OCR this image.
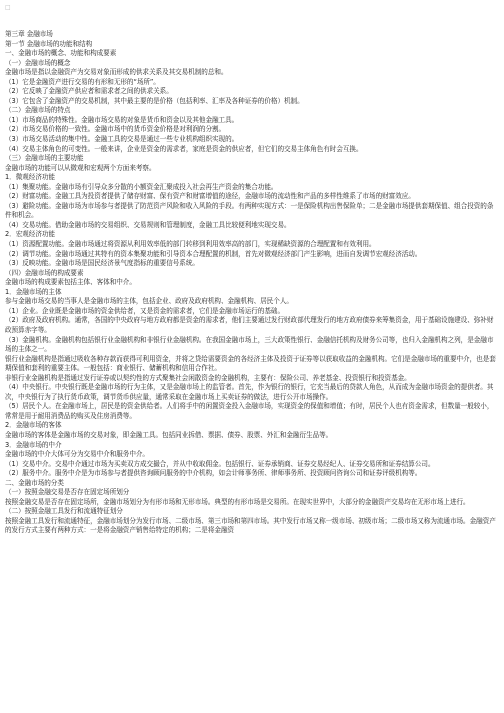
□

第三章 金融市场

第一节 金融市场的功能和结构

一、金融市场的概念、功能和构成要素

（一）金融市场的概念

金融市场是指以金融资产为交易对象而形成的供求关系及其交易机制的总和。

（1）它是金融资产进行交易的有形和无形的“场所”。

（2）它反映了金融资产供应者和需求者之间的供求关系。

（3）它包含了金融资产的交易机制，其中最主要的是价格（包括利率、汇率及各种证券的价格）机制。

（二）金融市场的特点

（1）市场商品的特殊性。金融市场交易的对象是货币和资金以及其他金融工具。

（2）市场交易价格的一致性。金融市场中的货币资金价格是对利润的分割。

（3）市场交易活动的集中性。金融工具的交易是通过一些专业机构组织实现的。

（4）交易主体角色的可变性。一般来讲，企业是资金的需求者，家庭是资金的供应者，但它们的交易主体角色有时会互换。

（三）金融市场的主要功能

金融市场的功能可以从微观和宏观两个方面来考察。

1．微观经济功能

（1）集聚功能。金融市场有引导众多分散的小额资金汇聚成投入社会再生产资金的集合功能。

（2）财富功能。金融工具为投资者提供了储存财富、保有资产和财富增值的途径，金融市场的流动性和产品的多样性维系了市场的财富效应。

（3）避险功能。金融市场为市场参与者提供了防范资产风险和收入风险的手段。有两种实现方式：一是保险机构出售保险单；二是金融市场提供套期保值、组合投资的条件和机会。

（4）交易功能。借助金融市场的交易组织、交易规则和管理制度，金融工具比较便利地实现交易。

2．宏观经济功能

（1）资源配置功能。金融市场通过将资源从利用效率低的部门转移到利用效率高的部门，实现稀缺资源的合理配置和有效利用。

（2）调节功能。金融市场通过其特有的资本集聚功能和引导资本合理配置的机制，首先对微观经济部门产生影响，进而自发调节宏观经济活动。

（3）反映功能。金融市场是国民经济景气度指标的重要信号系统。

（四）金融市场的构成要素

金融市场的构成要素包括主体、客体和中介。

1．金融市场的主体

参与金融市场交易的当事人是金融市场的主体，包括企业、政府及政府机构、金融机构、居民个人。

（1）企业。企业既是金融市场的资金供给者，又是资金的需求者，它们是金融市场运行的基础。

（2）政府及政府机构。通常，各国的中央政府与地方政府都是资金的需求者，他们主要通过发行财政部代理发行的地方政府债券来筹集资金，用于基础设施建设、弥补财政预算赤字等。

（3）金融机构。金融机构包括银行业金融机构和非银行业金融机构。在我国金融市场上，三大政策性银行、金融信托机构及财务公司等，也归入金融机构之列，是金融市场的主体之一。

银行业金融机构是指通过吸收各种存款而获得可利用资金，并将之贷给需要资金的各经济主体及投资于证券等以获取收益的金融机构。它们是金融市场的重要中介，也是套期保值和套利的重要主体。一般包括：商业银行、储蓄机构和信用合作社。

非银行业金融机构是指通过发行证券或以契约性的方式聚集社会闲散资金的金融机构，主要有：保险公司、养老基金、投资银行和投资基金。

（4）中央银行。中央银行既是金融市场的行为主体，又是金融市场上的监管者。首先，作为银行的银行，它充当最后的贷款人角色，从而成为金融市场资金的提供者。其次，中央银行为了执行货币政策，调节货币供应量，通常采取在金融市场上买卖证券的做法，进行公开市场操作。

（5）居民个人。在金融市场上，居民是的资金供给者。人们将手中的闲置资金投入金融市场，实现资金的保值和增值；有时，居民个人也有资金需求，但数量一般较小，常常是用于耐用消费品的购买及住房消费等。

2．金融市场的客体

金融市场的客体是金融市场的交易对象，即金融工具。包括同业拆借、票据、债券、股票、外汇和金融衍生品等。

3．金融市场的中介

金融市场的中介大体可分为交易中介和服务中介。

（1）交易中介。交易中介通过市场为买卖双方成交撮合，并从中收取佣金。包括银行、证券承销商、证券交易经纪人、证券交易所和证券结算公司。

（2）服务中介。服务中介是为市场参与者提供咨询顾问服务的中介机构，如会计师事务所、律师事务所、投资顾问咨询公司和证券评级机构等。

二、金融市场的分类

（一）按照金融交易是否存在固定场所划分

按照金融交易是否存在固定场所，金融市场划分为有形市场和无形市场。典型的有形市场是交易所。在现实世界中，大部分的金融资产交易均在无形市场上进行。

（二）按照金融工具发行和流通特征划分

按照金融工具发行和流通特征，金融市场划分为发行市场、二级市场、第三市场和第四市场。其中发行市场又称一级市场、初级市场；二级市场又称为流通市场。金融资产的发行方式主要有两种方式：一是将金融资产销售给特定的机构；二是将金融资
